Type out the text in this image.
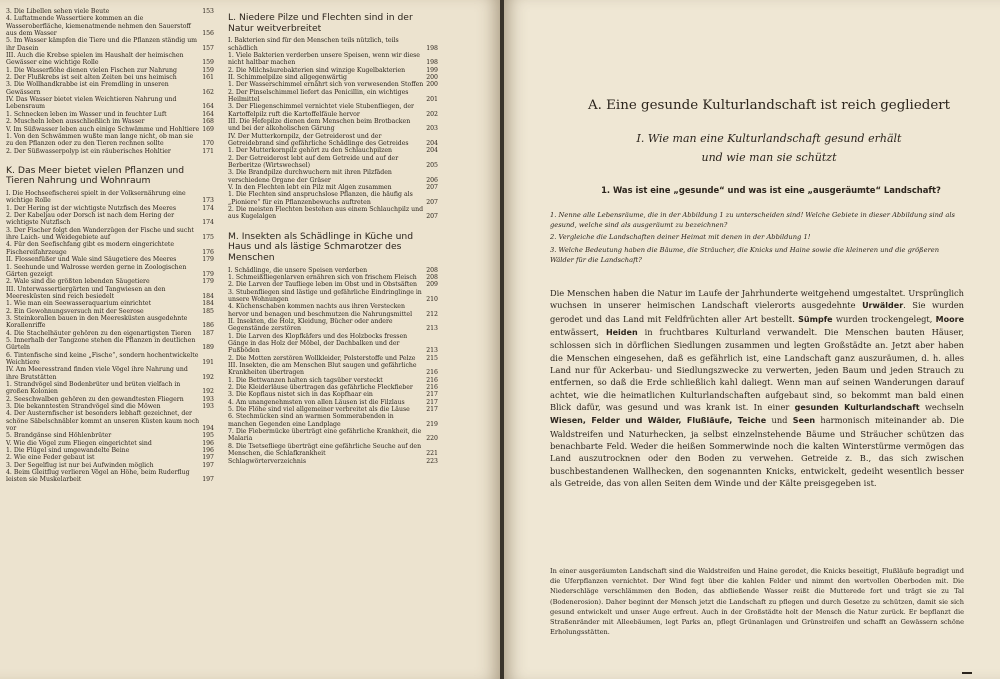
3. Die Libellen sehen viele Beute	153
4. Luftatmende Wassertiere kommen an die Wasseroberfläche, kiemenatmende nehmen den Sauerstoff aus dem Wasser	156
5. Im Wasser kämpfen die Tiere und die Pflanzen ständig um ihr Dasein	157
III. Auch die Krebse spielen im Haushalt der heimischen Gewässer eine wichtige Rolle	159
1. Die Wasserflöhe dienen vielen Fischen zur Nahrung	159
2. Der Flußkrebs ist seit alten Zeiten bei uns heimisch	161
3. Die Wollhandkrabbe ist ein Fremdling in unseren Gewässern	162
IV. Das Wasser bietet vielen Weichtieren Nahrung und Lebensraum	164
1. Schnecken leben im Wasser und in feuchter Luft	164
2. Muscheln leben ausschließlich im Wasser	168
V. Im Süßwasser leben auch einige Schwämme und Hohltiere 169
1. Von den Schwämmen wußte man lange nicht, ob man sie zu den Pflanzen oder zu den Tieren rechnen sollte	170
2. Der Süßwasserpolyp ist ein räuberisches Hohltier	171
K. Das Meer bietet vielen Pflanzen und Tieren Nahrung und Wohnraum
I. Die Hochseefischerei spielt in der Volksernährung eine wichtige Rolle	173
1. Der Hering ist der wichtigste Nutzfisch des Meeres	174
2. Der Kabeljau oder Dorsch ist nach dem Hering der wichtigste Nutzfisch	174
3. Der Fischer folgt den Wanderzügen der Fische und sucht ihre Laich- und Weidegebiete auf	175
4. Für den Seefischfang gibt es modern eingerichtete Fischereifahrzeuge	176
II. Flossenfüßer und Wale sind Säugetiere des Meeres	179
1. Seehunde und Walrosse werden gerne in Zoologischen Gärten gezeigt	179
2. Wale sind die größten lebenden Säugetiere	179
III. Unterwassertiergärten und Tangwiesen an den Meeresküsten sind reich besiedelt	184
1. Wie man ein Seewasseraquarium einrichtet	184
2. Ein Gewohnungsversuch mit der Seerose	185
3. Steinkorallen bauen in den Meeresküsten ausgedehnte Korallenriffe	186
4. Die Stachelhäuter gehören zu den eigenartigsten Tieren	187
5. Innerhalb der Tangzone stehen die Pflanzen in deutlichen Gürteln	189
6. Tintenfische sind keine „Fische“, sondern hochentwickelte Weichtiere	191
IV. Am Meeresstrand finden viele Vögel ihre Nahrung und ihre Brutstätten	192
1. Strandvögel sind Bodenbrüter und brüten vielfach in großen Kolonien	192
2. Seeschwalben gehören zu den gewandtesten Fliegern	193
3. Die bekanntesten Strandvögel sind die Möwen	193
4. Der Austernfischer ist besonders lebhaft gezeichnet, der schöne Säbelschnäbler kommt an unseren Küsten kaum noch vor	194
5. Brandgänse sind Höhlenbrüter	195
V. Wie die Vögel zum Fliegen eingerichtet sind	196
1. Die Flügel sind umgewandelte Beine	196
2. Wie eine Feder gebaut ist	197
3. Der Segelflug ist nur bei Aufwinden möglich	197
4. Beim Gleitflug verlieren Vögel an Höhe, beim Ruderflug leisten sie Muskelarbeit	197
L. Niedere Pilze und Flechten sind in der Natur weitverbreitet
I. Bakterien sind für den Menschen teils nützlich, teils schädlich	198
1. Viele Bakterien verderben unsere Speisen, wenn wir diese nicht haltbar machen	198
2. Die Milchsäurebakterien sind winzige Kugelbakterien	199
II. Schimmelpilze sind allgegenwärtig	200
1. Der Wasserschimmel ernährt sich von verwesenden Stoffen 200
2. Der Pinselschimmel liefert das Penicillin, ein wichtiges Heilmittel	201
3. Der Fliegenschimmel vernichtet viele Stubenfliegen, der Kartoffelpilz ruft die Kartoffelfäule hervor	202
III. Die Hefepilze dienen dem Menschen beim Brotbacken und bei der alkoholischen Gärung	203
IV. Der Mutterkornpilz, der Getreiderost und der Getreidebrand sind gefährliche Schädlinge des Getreides	204
1. Der Mutterkornpilz gehört zu den Schlauchpilzen	204
2. Der Getreiderost lebt auf dem Getreide und auf der Berberitze (Wirtswechsel)	205
3. Die Brandpilze durchwuchern mit ihren Pilzfäden verschiedene Organe der Gräser	206
V. In den Flechten lebt ein Pilz mit Algen zusammen	207
1. Die Flechten sind anspruchslose Pflanzen, die häufig als „Pioniere“ für ein Pflanzenbewuchs auftreten	207
2. Die meisten Flechten bestehen aus einem Schlauchpilz und aus Kugelalgen	207
M. Insekten als Schädlinge in Küche und Haus und als lästige Schmarotzer des Menschen
I. Schädlinge, die unsere Speisen verderben	208
1. Schmeißfliegenlarven ernähren sich von frischem Fleisch	208
2. Die Larven der Taufliege leben im Obst und in Obstsäften	209
3. Stubenfliegen sind lästige und gefährliche Eindringlinge in unsere Wohnungen	210
4. Küchenschaben kommen nachts aus ihren Verstecken hervor und benagen und beschmutzen die Nahrungsmittel	212
II. Insekten, die Holz, Kleidung, Bücher oder andere Gegenstände zerstören	213
1. Die Larven des Klopfkäfers und des Holzbocks fressen Gänge in das Holz der Möbel, der Dachbalken und der Fußböden	213
2. Die Motten zerstören Wollkleider, Polsterstoffe und Pelze	215
III. Insekten, die am Menschen Blut saugen und gefährliche Krankheiten übertragen	216
1. Die Bettwanzen halten sich tagsüber versteckt	216
2. Die Kleiderläuse übertragen das gefährliche Fleckfieber	216
3. Die Kopflaus nistet sich in das Kopfhaar ein	217
4. Am unangenehmsten von allen Läusen ist die Filzlaus	217
5. Die Flöhe sind viel allgemeiner verbreitet als die Läuse	217
6. Stechmücken sind an warmen Sommerabenden in manchen Gegenden eine Landplage	219
7. Die Fiebermücke überträgt eine gefährliche Krankheit, die Malaria	220
8. Die Tsetsefliege überträgt eine gefährliche Seuche auf den Menschen, die Schlafkrankheit	221
Schlagwörterverzeichnis	223
A. Eine gesunde Kulturlandschaft ist reich gegliedert
I. Wie man eine Kulturlandschaft gesund erhält
und wie man sie schützt
1. Was ist eine „gesunde“ und was ist eine „ausgeräumte“ Landschaft?

1. Nenne alle Lebensräume, die in der Abbildung 1 zu unterscheiden sind! Welche Gebiete in dieser Abbildung sind als gesund, welche sind als ausgeräumt zu bezeichnen?

2. Vergleiche die Landschaften deiner Heimat mit denen in der Abbildung 1!

3. Welche Bedeutung haben die Bäume, die Sträucher, die Knicks und Haine sowie die kleineren und die größeren Wälder für die Landschaft?

Die Menschen haben die Natur im Laufe der Jahrhunderte weitgehend umgestaltet. Ursprünglich wuchsen in unserer heimischen Landschaft vielerorts ausgedehnte Urwälder. Sie wurden gerodet und das Land mit Feldfrüchten aller Art bestellt. Sümpfe wurden trockengelegt, Moore entwässert, Heiden in fruchtbares Kulturland verwandelt. Die Menschen bauten Häuser, schlossen sich in dörflichen Siedlungen zusammen und legten Großstädte an. Jetzt aber haben die Menschen eingesehen, daß es gefährlich ist, eine Landschaft ganz auszuräumen, d. h. alles Land nur für Ackerbau- und Siedlungszwecke zu verwerten, jeden Baum und jeden Strauch zu entfernen, so daß die Erde schließlich kahl daliegt. Wenn man auf seinen Wanderungen darauf achtet, wie die heimatlichen Kulturlandschaften aufgebaut sind, so bekommt man bald einen Blick dafür, was gesund und was krank ist. In einer gesunden Kulturlandschaft wechseln Wiesen, Felder und Wälder, Flußläufe, Teiche und Seen harmonisch miteinander ab. Die Waldstreifen und Naturhecken, ja selbst einzelnstehende Bäume und Sträucher schützen das benachbarte Feld. Weder die heißen Sommerwinde noch die kalten Winterstürme vermögen das Land auszutrocknen oder den Boden zu verwehen. Getreide z. B., das sich zwischen buschbestandenen Wallhecken, den sogenannten Knicks, entwickelt, gedeiht wesentlich besser als Getreide, das von allen Seiten dem Winde und der Kälte preisgegeben ist.

In einer ausgeräumten Landschaft sind die Waldstreifen und Haine gerodet, die Knicks beseitigt, Flußläufe begradigt und die Uferpflanzen vernichtet. Der Wind fegt über die kahlen Felder und nimmt den wertvollen Oberboden mit. Die Niederschläge verschlämmen den Boden, das abfließende Wasser reißt die Mutterede fort und trägt sie zu Tal (Bodenerosion). Daher beginnt der Mensch jetzt die Landschaft zu pflegen und durch Gesetze zu schützen, damit sie sich gesund entwickelt und unser Auge erfreut. Auch in der Großstädte holt der Mensch die Natur zurück. Er bepflanzt die Straßenränder mit Alleebäumen, legt Parks an, pflegt Grünanlagen und Grünstreifen und schafft an Gewässern schöne Erholungsstätten.
